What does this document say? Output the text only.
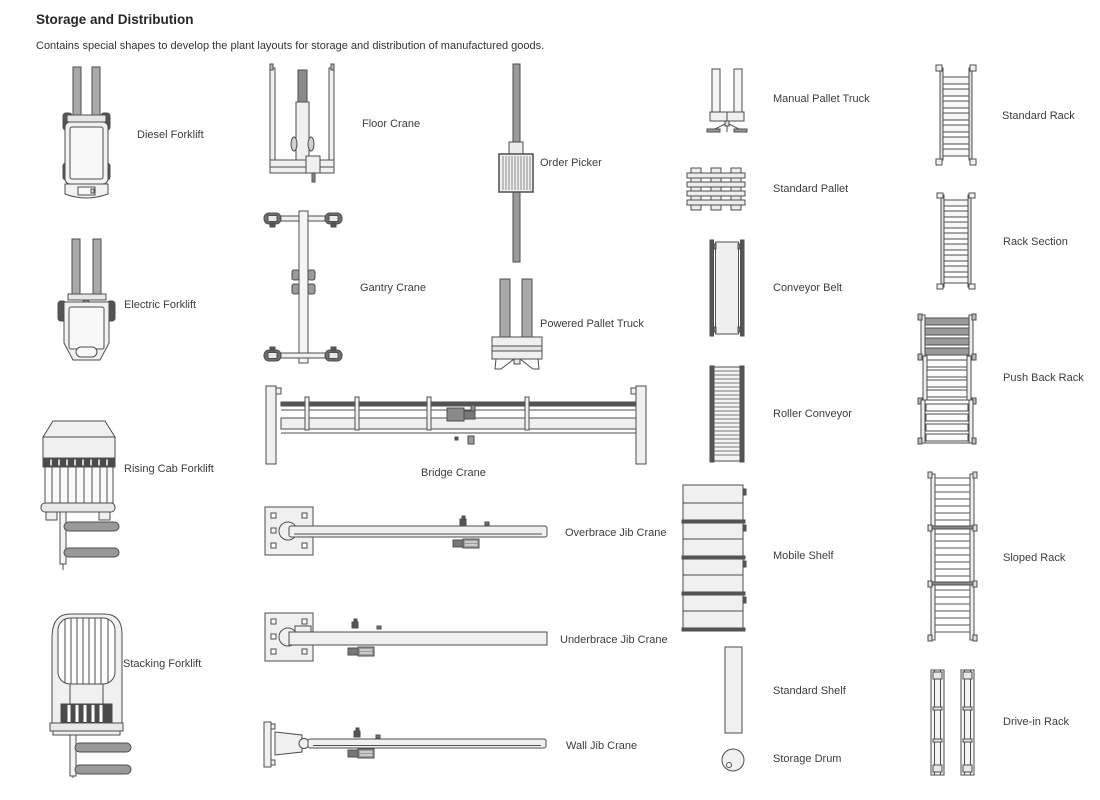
Storage and Distribution
Contains special shapes to develop the plant layouts for storage and distribution of manufactured goods.
Diesel Forklift
Electric Forklift
Rising Cab Forklift
Stacking Forklift
Floor Crane
Gantry Crane
Bridge Crane
Overbrace Jib Crane
Underbrace Jib Crane
Wall Jib Crane
Order Picker
Powered Pallet Truck
Manual Pallet Truck
Standard Pallet
Conveyor Belt
Roller Conveyor
Mobile Shelf
Standard Shelf
Storage Drum
Standard Rack
Rack Section
Push Back Rack
Sloped Rack
Drive-in Rack
